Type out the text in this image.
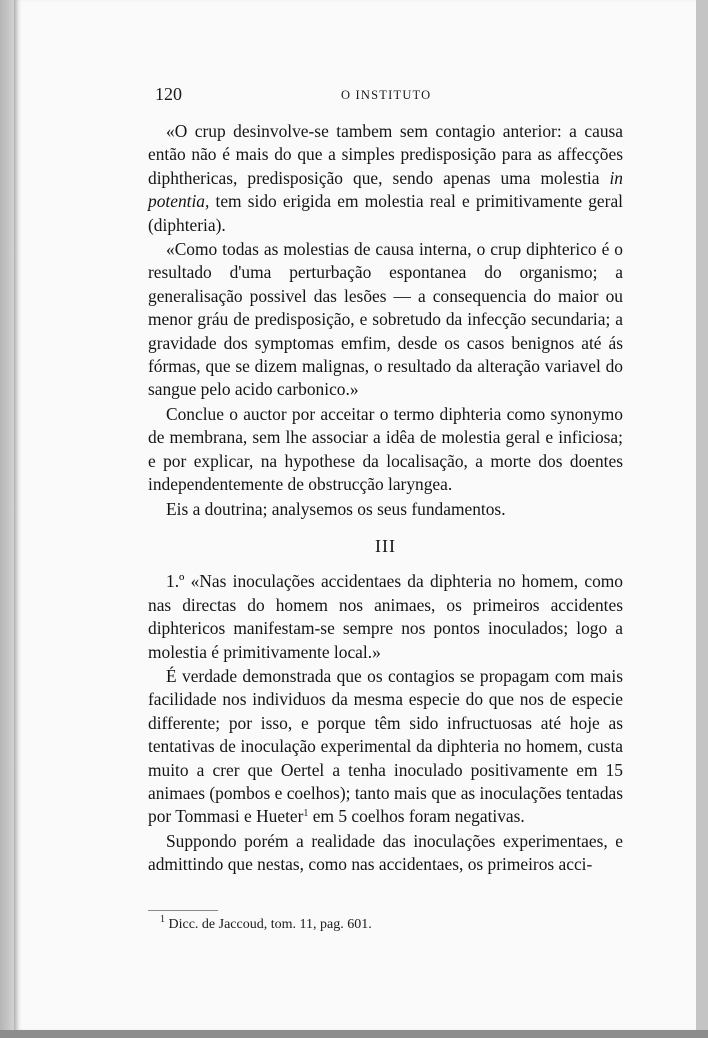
120	O INSTITUTO

«O crup desinvolve-se tambem sem contagio anterior: a causa então não é mais do que a simples predisposição para as affecções diphthericas, predisposição que, sendo apenas uma molestia in potentia, tem sido erigida em molestia real e primitivamente geral (diphteria).

«Como todas as molestias de causa interna, o crup diphterico é o resultado d'uma perturbação espontanea do organismo; a generalisação possivel das lesões — a consequencia do maior ou menor gráu de predisposição, e sobretudo da infecção secundaria; a gravidade dos symptomas emfim, desde os casos benignos até ás fórmas, que se dizem malignas, o resultado da alteração variavel do sangue pelo acido carbonico.»

Conclue o auctor por acceitar o termo diphteria como synonymo de membrana, sem lhe associar a idêa de molestia geral e inficiosa; e por explicar, na hypothese da localisação, a morte dos doentes independentemente de obstrucção laryngea.

Eis a doutrina; analysemos os seus fundamentos.

III

1.º «Nas inoculações accidentaes da diphteria no homem, como nas directas do homem nos animaes, os primeiros accidentes diphtericos manifestam-se sempre nos pontos inoculados; logo a molestia é primitivamente local.»

É verdade demonstrada que os contagios se propagam com mais facilidade nos individuos da mesma especie do que nos de especie differente; por isso, e porque têm sido infructuosas até hoje as tentativas de inoculação experimental da diphteria no homem, custa muito a crer que Oertel a tenha inoculado positivamente em 15 animaes (pombos e coelhos); tanto mais que as inoculações tentadas por Tommasi e Hueter$^1$ em 5 coelhos foram negativas.

Suppondo porém a realidade das inoculações experimentaes, e admittindo que nestas, como nas accidentaes, os primeiros acci-

$^1$ Dicc. de Jaccoud, tom. 11, pag. 601.
